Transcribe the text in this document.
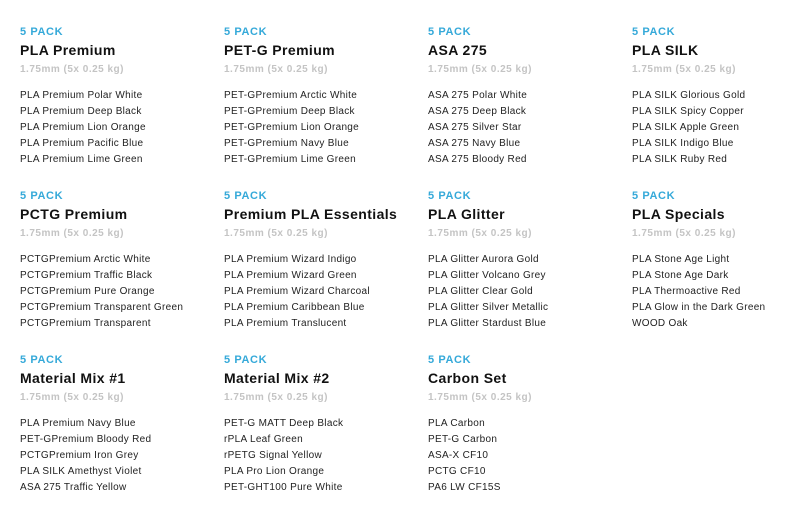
5 PACK
PLA Premium
1.75mm (5x 0.25 kg)
PLA Premium Polar White
PLA Premium Deep Black
PLA Premium Lion Orange
PLA Premium Pacific Blue
PLA Premium Lime Green
5 PACK
PET-G Premium
1.75mm (5x 0.25 kg)
PET-GPremium Arctic White
PET-GPremium Deep Black
PET-GPremium Lion Orange
PET-GPremium Navy Blue
PET-GPremium Lime Green
5 PACK
ASA 275
1.75mm (5x 0.25 kg)
ASA 275 Polar White
ASA 275 Deep Black
ASA 275 Silver Star
ASA 275 Navy Blue
ASA 275 Bloody Red
5 PACK
PLA SILK
1.75mm (5x 0.25 kg)
PLA SILK Glorious Gold
PLA SILK Spicy Copper
PLA SILK Apple Green
PLA SILK Indigo Blue
PLA SILK Ruby Red
5 PACK
PCTG Premium
1.75mm (5x 0.25 kg)
PCTGPremium Arctic White
PCTGPremium Traffic Black
PCTGPremium Pure Orange
PCTGPremium Transparent Green
PCTGPremium Transparent
5 PACK
Premium PLA Essentials
1.75mm (5x 0.25 kg)
PLA Premium Wizard Indigo
PLA Premium Wizard Green
PLA Premium Wizard Charcoal
PLA Premium Caribbean Blue
PLA Premium Translucent
5 PACK
PLA Glitter
1.75mm (5x 0.25 kg)
PLA Glitter Aurora Gold
PLA Glitter Volcano Grey
PLA Glitter Clear Gold
PLA Glitter Silver Metallic
PLA Glitter Stardust Blue
5 PACK
PLA Specials
1.75mm (5x 0.25 kg)
PLA Stone Age Light
PLA Stone Age Dark
PLA Thermoactive Red
PLA Glow in the Dark Green
WOOD Oak
5 PACK
Material Mix #1
1.75mm (5x 0.25 kg)
PLA Premium Navy Blue
PET-GPremium Bloody Red
PCTGPremium Iron Grey
PLA SILK Amethyst Violet
ASA 275 Traffic Yellow
5 PACK
Material Mix #2
1.75mm (5x 0.25 kg)
PET-G MATT Deep Black
rPLA Leaf Green
rPETG Signal Yellow
PLA Pro Lion Orange
PET-GHT100 Pure White
5 PACK
Carbon Set
1.75mm (5x 0.25 kg)
PLA Carbon
PET-G Carbon
ASA-X CF10
PCTG CF10
PA6 LW CF15S
